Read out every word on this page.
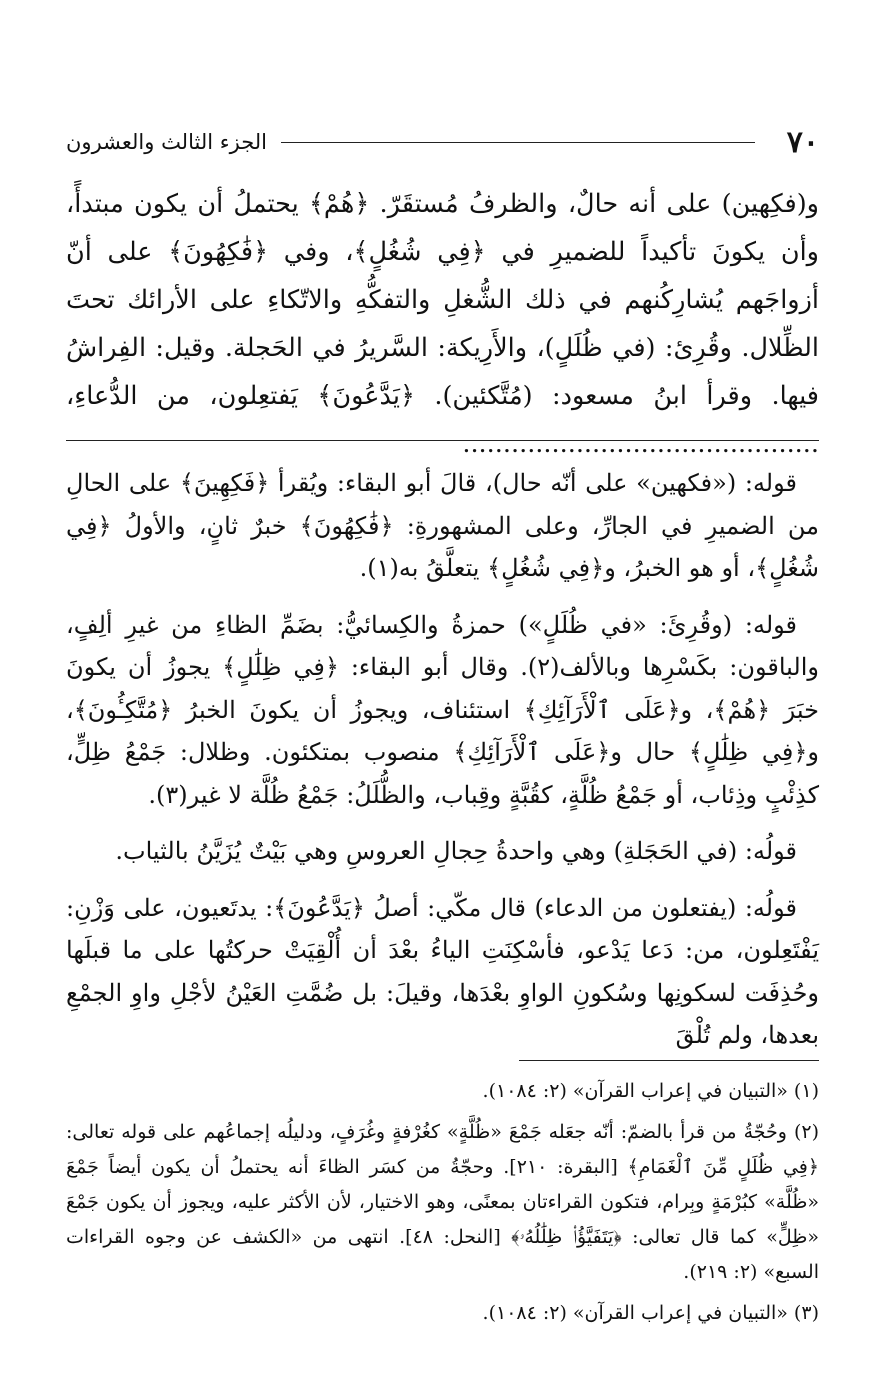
٧٠
الجزء الثالث والعشرون

و(فكِهين) على أنه حالٌ، والظرفُ مُستقَرّ. ﴿هُمْ﴾ يحتملُ أن يكون مبتدأً، وأن يكونَ تأكيداً للضميرِ في ﴿فِي شُغُلٍ﴾، وفي ﴿فَٰكِهُونَ﴾ على أنّ أزواجَهم يُشارِكُنهم في ذلك الشُّغلِ والتفكُّهِ والاتّكاءِ على الأرائك تحتَ الظِّلال. وقُرِئ: (في ظُلَلٍ)، والأَرِيكة: السَّريرُ في الحَجلة. وقيل: الفِراشُ فيها. وقرأ ابنُ مسعود: (مُتَّكئين). ﴿يَدَّعُونَ﴾ يَفتعِلون، من الدُّعاءِ، ............................................

قوله: («فكهين» على أنّه حال)، قالَ أبو البقاء: ويُقرأ ﴿فَكِهِينَ﴾ على الحالِ من الضميرِ في الجارِّ، وعلى المشهورةِ: ﴿فَٰكِهُونَ﴾ خبرٌ ثانٍ، والأولُ ﴿فِي شُغُلٍ﴾، أو هو الخبرُ، و﴿فِي شُغُلٍ﴾ يتعلَّقُ به(١).

قوله: (وقُرِئَ: «في ظُلَلٍ») حمزةُ والكِسائيُّ: بضَمِّ الظاءِ من غيرِ ألِفٍ، والباقون: بكَسْرِها وبالألف(٢). وقال أبو البقاء: ﴿فِي ظِلَٰلٍ﴾ يجوزُ أن يكونَ خبَرَ ﴿هُمْ﴾، و﴿عَلَى ٱلْأَرَآئِكِ﴾ استئناف، ويجوزُ أن يكونَ الخبرُ ﴿مُتَّكِـُٔونَ﴾، و﴿فِي ظِلَٰلٍ﴾ حال و﴿عَلَى ٱلْأَرَآئِكِ﴾ منصوب بمتكئون. وظلال: جَمْعُ ظِلٍّ، كذِئْبٍ وذِئاب، أو جَمْعُ ظُلَّةٍ، كقُبَّةٍ وقِباب، والظُّلَلُ: جَمْعُ ظُلَّة لا غير(٣).

قولُه: (في الحَجَلةِ) وهي واحدةُ حِجالِ العروسِ وهي بَيْتٌ يُزَيَّنُ بالثياب.

قولُه: (يفتعلون من الدعاء) قال مكّي: أصلُ ﴿يَدَّعُونَ﴾: يدتَعيون، على وَزْنِ: يَفْتَعِلون، من: دَعا يَدْعو، فأسْكِنَتِ الياءُ بعْدَ أن أُلْقِيَتْ حركتُها على ما قبلَها وحُذِفَت لسكونِها وسُكونِ الواوِ بعْدَها، وقيلَ: بل ضُمَّتِ العَيْنُ لأجْلِ واوِ الجمْعِ بعدها، ولم تُلْقَ

(١) «التبيان في إعراب القرآن» (٢: ١٠٨٤).

(٢) وحُجّةُ من قرأ بالضمّ: أنّه جعَله جَمْعَ «ظُلَّةٍ» كغُرْفةٍ وغُرَفٍ، ودليلُه إجماعُهم على قوله تعالى: ﴿فِي ظُلَلٍ مِّنَ ٱلْغَمَامِ﴾ [البقرة: ٢١٠]. وحجّةُ من كسَر الظاءَ أنه يحتملُ أن يكون أيضاً جَمْعَ «ظُلَّة» كبُرْمَةٍ وبِرام، فتكون القراءتان بمعنًى، وهو الاختيار، لأن الأكثر عليه، ويجوز أن يكون جَمْعَ «ظِلٍّ» كما قال تعالى: ﴿يَتَفَيَّؤُا۟ ظِلَٰلُهُۥ﴾ [النحل: ٤٨]. انتهى من «الكشف عن وجوه القراءات السبع» (٢: ٢١٩).

(٣) «التبيان في إعراب القرآن» (٢: ١٠٨٤).
